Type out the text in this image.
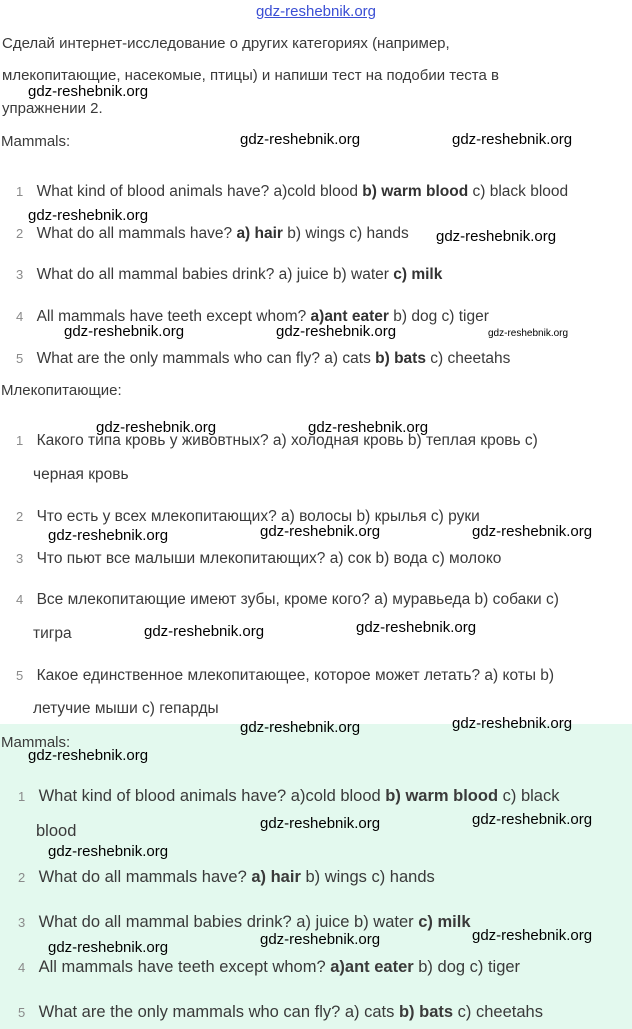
gdz-reshebnik.org
Сделай интернет-исследование о других категориях (например,
млекопитающие, насекомые, птицы) и напиши тест на подобии теста в
упражнении 2.
Mammals:
1 What kind of blood animals have? a)cold blood b) warm blood c) black blood
2 What do all mammals have? a) hair b) wings c) hands
3 What do all mammal babies drink? a) juice b) water c) milk
4 All mammals have teeth except whom? a)ant eater b) dog c) tiger
5 What are the only mammals who can fly? a) cats b) bats c) cheetahs
Млекопитающие:
1 Какого типа кровь у живовтных? a) холодная кровь b) теплая кровь c)
черная кровь
2 Что есть у всех млекопитающих? a) волосы b) крылья c) руки
3 Что пьют все малыши млекопитающих? a) сок b) вода c) молоко
4 Все млекопитающие имеют зубы, кроме кого? a) муравьеда b) собаки c)
тигра
5 Какое единственное млекопитающее, которое может летать? a) коты b)
летучие мыши c) гепарды
Mammals:
1 What kind of blood animals have? a)cold blood b) warm blood c) black
blood
2 What do all mammals have? a) hair b) wings c) hands
3 What do all mammal babies drink? a) juice b) water c) milk
4 All mammals have teeth except whom? a)ant eater b) dog c) tiger
5 What are the only mammals who can fly? a) cats b) bats c) cheetahs
gdz-reshebnik.org
gdz-reshebnik.org	gdz-reshebnik.org
gdz-reshebnik.org
gdz-reshebnik.org
gdz-reshebnik.org	gdz-reshebnik.org	gdz-reshebnik.org
gdz-reshebnik.org	gdz-reshebnik.org
gdz-reshebnik.org	gdz-reshebnik.org	gdz-reshebnik.org
gdz-reshebnik.org	gdz-reshebnik.org
gdz-reshebnik.org	gdz-reshebnik.org
gdz-reshebnik.org
gdz-reshebnik.org	gdz-reshebnik.org
gdz-reshebnik.org
gdz-reshebnik.org	gdz-reshebnik.org	gdz-reshebnik.org
